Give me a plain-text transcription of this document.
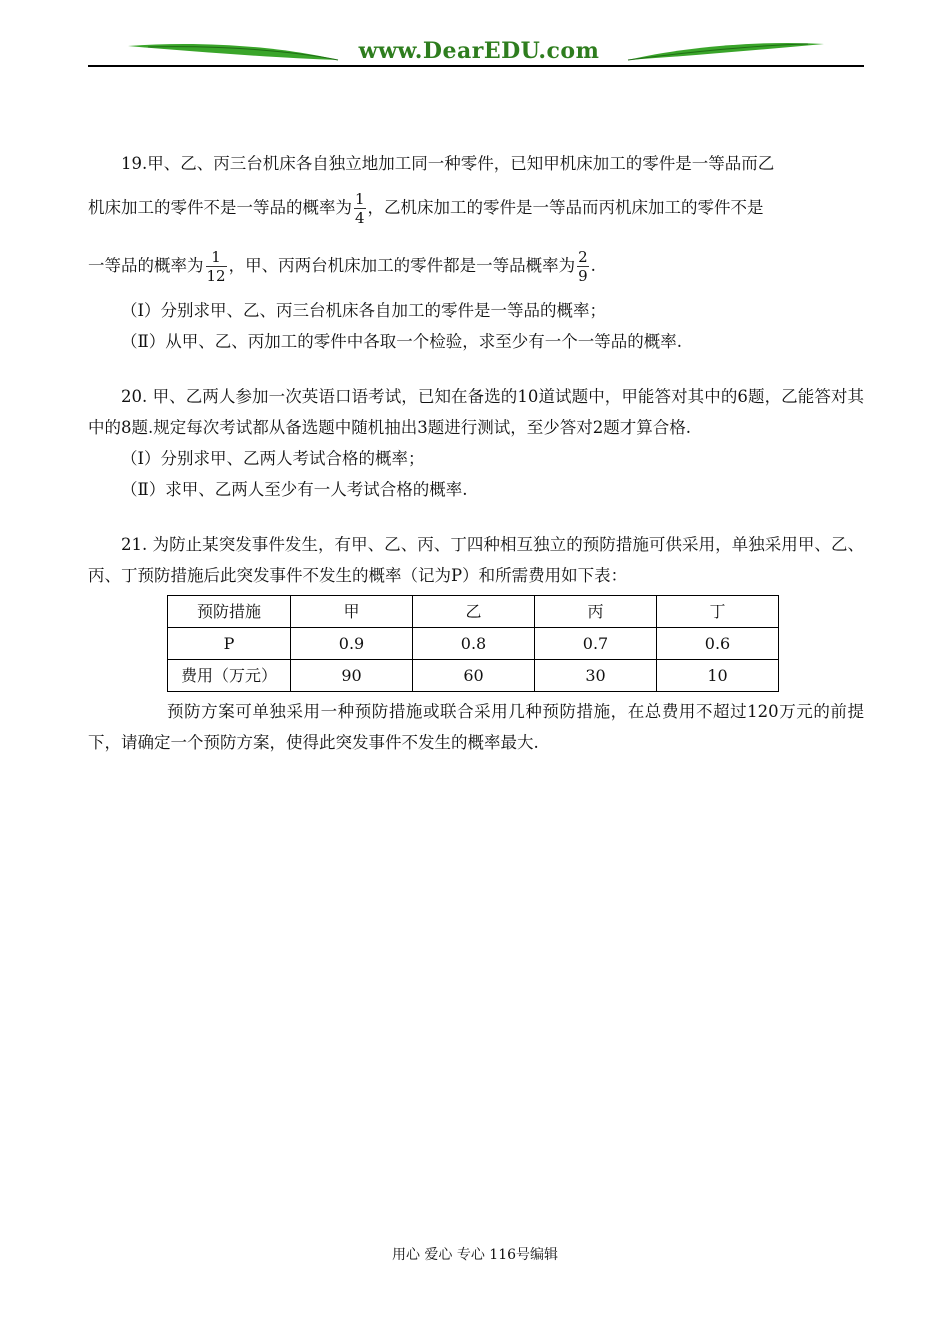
www.DearEDU.com

19.甲、乙、丙三台机床各自独立地加工同一种零件，已知甲机床加工的零件是一等品而乙

机床加工的零件不是一等品的概率为 $\frac{1}{4}$ ，乙机床加工的零件是一等品而丙机床加工的零件不是

一等品的概率为 $\frac{1}{12}$ ，甲、丙两台机床加工的零件都是一等品概率为 $\frac{2}{9}$ .

（Ⅰ）分别求甲、乙、丙三台机床各自加工的零件是一等品的概率；

（Ⅱ）从甲、乙、丙加工的零件中各取一个检验，求至少有一个一等品的概率.

20. 甲、乙两人参加一次英语口语考试，已知在备选的10道试题中，甲能答对其中的6题，乙能答对其中的8题.规定每次考试都从备选题中随机抽出3题进行测试，至少答对2题才算合格.

（Ⅰ）分别求甲、乙两人考试合格的概率；

（Ⅱ）求甲、乙两人至少有一人考试合格的概率.

21. 为防止某突发事件发生，有甲、乙、丙、丁四种相互独立的预防措施可供采用，单独采用甲、乙、丙、丁预防措施后此突发事件不发生的概率（记为P）和所需费用如下表：

预防措施	甲	乙	丙	丁
P	0.9	0.8	0.7	0.6
费用（万元）	90	60	30	10

预防方案可单独采用一种预防措施或联合采用几种预防措施，在总费用不超过120万元的前提下，请确定一个预防方案，使得此突发事件不发生的概率最大.

用心 爱心 专心 116号编辑
